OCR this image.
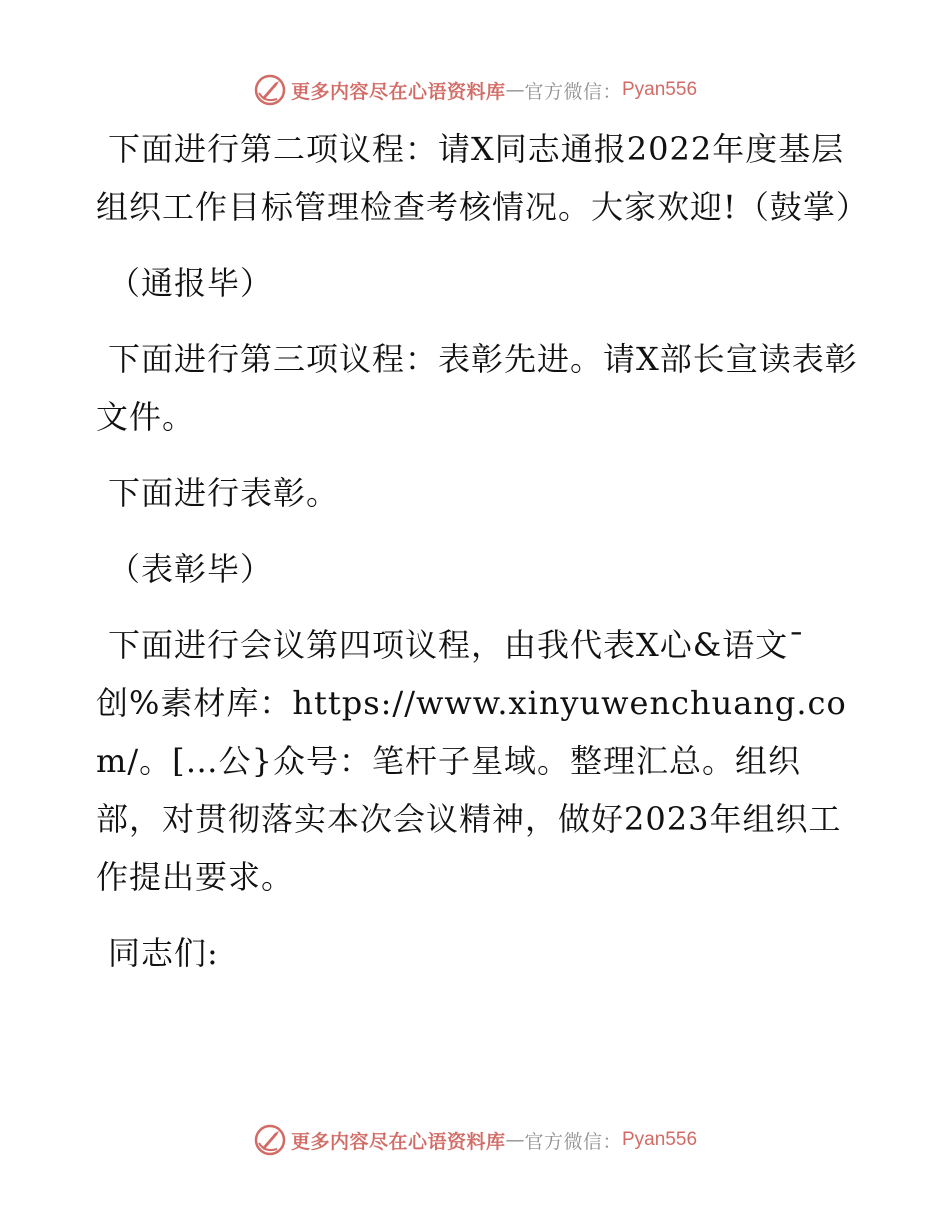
更多内容尽在心语资料库 — 官方微信： Pyan556

下面进行第二项议程：请X同志通报2022年度基层组织工作目标管理检查考核情况。大家欢迎!（鼓掌）

（通报毕）

下面进行第三项议程：表彰先进。请X部长宣读表彰文件。

下面进行表彰。

（表彰毕）

下面进行会议第四项议程，由我代表X心&语文¯创%素材库：https://www.xinyuwenchuang.com/。[…公}众号：笔杆子星域。整理汇总。组织部，对贯彻落实本次会议精神，做好2023年组织工作提出要求。

同志们:

更多内容尽在心语资料库 — 官方微信： Pyan556
